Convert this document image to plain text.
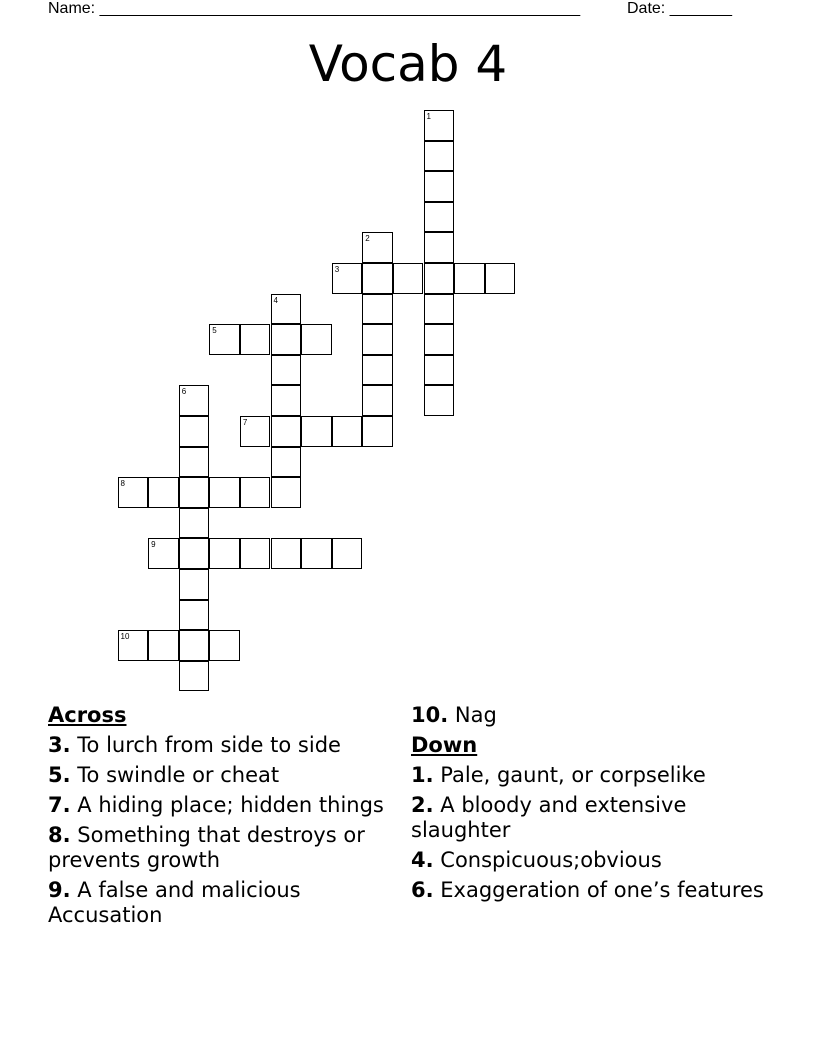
Name: ______________________________________________________	Date: _______
Vocab 4
1
2
3
4
5
6
7
8
9
10
Across
3. To lurch from side to side
5. To swindle or cheat
7. A hiding place; hidden things
8. Something that destroys or prevents growth
9. A false and malicious Accusation
10. Nag
Down
1. Pale, gaunt, or corpselike
2. A bloody and extensive slaughter
4. Conspicuous;obvious
6. Exaggeration of one’s features
